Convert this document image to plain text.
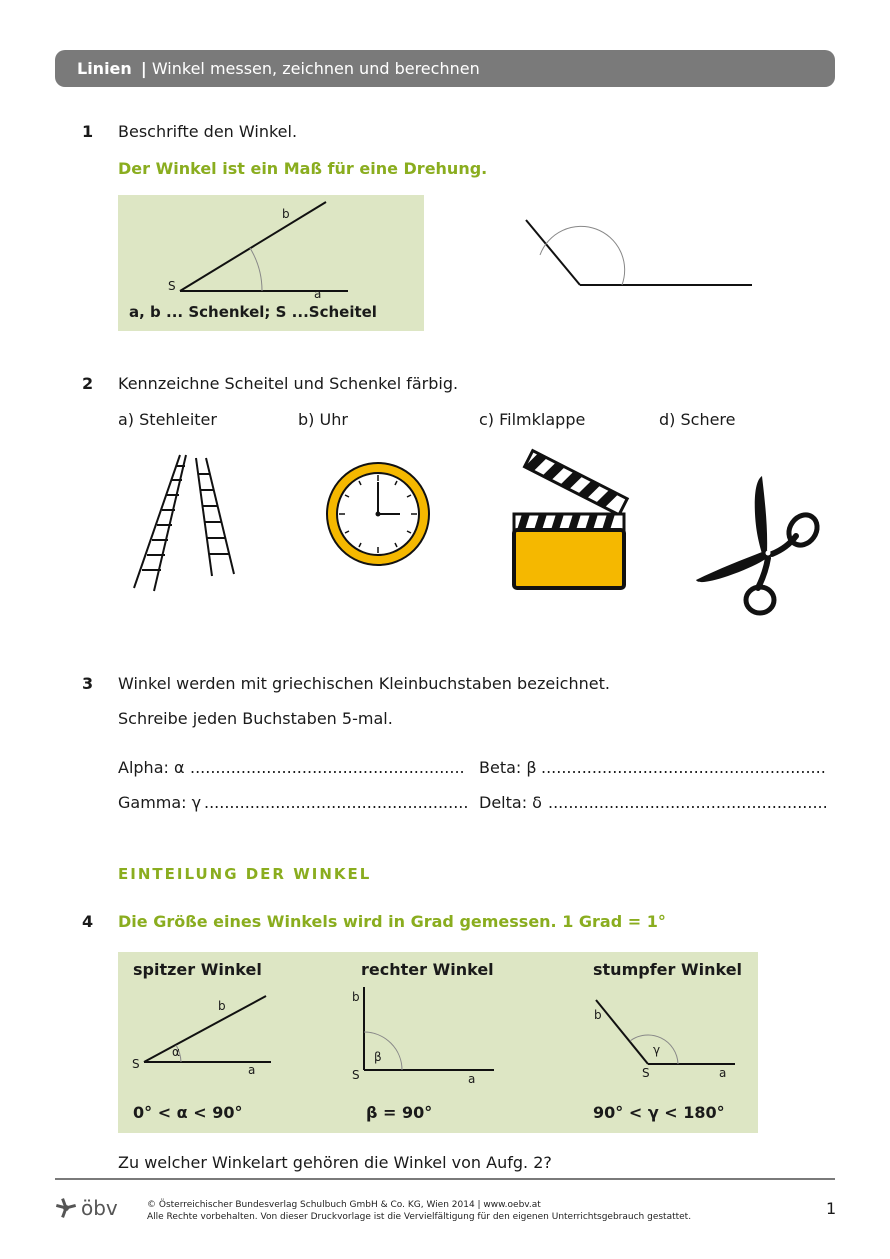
Linien | Winkel messen, zeichnen und berechnen
1 Beschrifte den Winkel.
Der Winkel ist ein Maß für eine Drehung.
b
a
S
a, b ... Schenkel; S ...Scheitel
2 Kennzeichne Scheitel und Schenkel färbig.
a) Stehleiter	b) Uhr	c) Filmklappe	d) Schere
3 Winkel werden mit griechischen Kleinbuchstaben bezeichnet.
Schreibe jeden Buchstaben 5-mal.
Alpha: α ...................................................... Beta: β ........................................................
Gamma: γ .................................................... Delta: δ .......................................................
EINTEILUNG DER WINKEL
4 Die Größe eines Winkels wird in Grad gemessen. 1 Grad = 1°
spitzer Winkel
b
a
S
α
0° < α < 90°
rechter Winkel
b
a
S
β
β = 90°
stumpfer Winkel
b
a
S
γ
90° < γ < 180°
Zu welcher Winkelart gehören die Winkel von Aufg. 2?
öbv	© Österreichischer Bundesverlag Schulbuch GmbH & Co. KG, Wien 2014 | www.oebv.at
Alle Rechte vorbehalten. Von dieser Druckvorlage ist die Vervielfältigung für den eigenen Unterrichtsgebrauch gestattet.	1
